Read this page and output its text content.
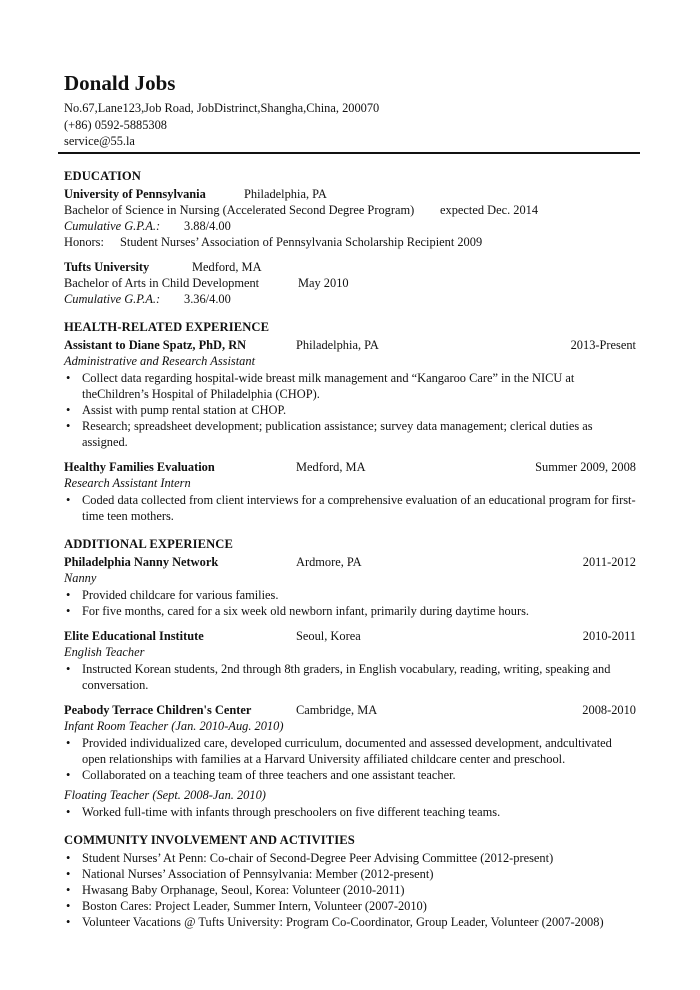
Donald Jobs
No.67,Lane123,Job Road, JobDistrinct,Shangha,China, 200070
(+86) 0592-5885308
service@55.la
EDUCATION
University of Pennsylvania	Philadelphia, PA
Bachelor of Science in Nursing (Accelerated Second Degree Program)	expected Dec. 2014
Cumulative G.P.A.:	3.88/4.00
Honors:	Student Nurses’ Association of Pennsylvania Scholarship Recipient 2009
Tufts University	Medford, MA
Bachelor of Arts in Child Development	May 2010
Cumulative G.P.A.:	3.36/4.00
HEALTH-RELATED EXPERIENCE
Assistant to Diane Spatz, PhD, RN	Philadelphia, PA	2013-Present
Administrative and Research Assistant
• Collect data regarding hospital-wide breast milk management and “Kangaroo Care” in the NICU at theChildren’s Hospital of Philadelphia (CHOP).
• Assist with pump rental station at CHOP.
• Research; spreadsheet development; publication assistance; survey data management; clerical duties as assigned.
Healthy Families Evaluation	Medford, MA	Summer 2009, 2008
Research Assistant Intern
• Coded data collected from client interviews for a comprehensive evaluation of an educational program for first-time teen mothers.
ADDITIONAL EXPERIENCE
Philadelphia Nanny Network	Ardmore, PA	2011-2012
Nanny
• Provided childcare for various families.
• For five months, cared for a six week old newborn infant, primarily during daytime hours.
Elite Educational Institute	Seoul, Korea	2010-2011
English Teacher
• Instructed Korean students, 2nd through 8th graders, in English vocabulary, reading, writing, speaking and conversation.
Peabody Terrace Children's Center	Cambridge, MA	2008-2010
Infant Room Teacher (Jan. 2010-Aug. 2010)
• Provided individualized care, developed curriculum, documented and assessed development, andcultivated open relationships with families at a Harvard University affiliated childcare center and preschool.
• Collaborated on a teaching team of three teachers and one assistant teacher.
Floating Teacher (Sept. 2008-Jan. 2010)
• Worked full-time with infants through preschoolers on five different teaching teams.
COMMUNITY INVOLVEMENT AND ACTIVITIES
• Student Nurses’ At Penn: Co-chair of Second-Degree Peer Advising Committee (2012-present)
• National Nurses’ Association of Pennsylvania: Member (2012-present)
• Hwasang Baby Orphanage, Seoul, Korea: Volunteer (2010-2011)
• Boston Cares: Project Leader, Summer Intern, Volunteer (2007-2010)
• Volunteer Vacations @ Tufts University: Program Co-Coordinator, Group Leader, Volunteer (2007-2008)
